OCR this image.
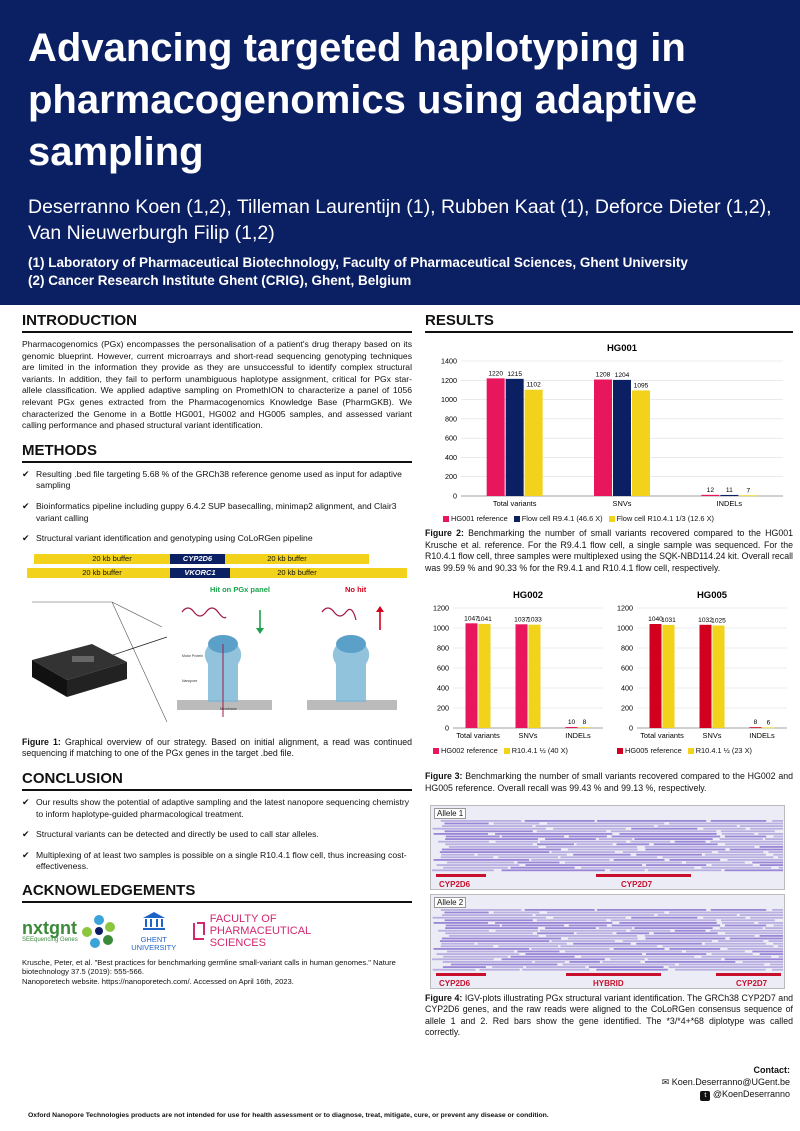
Advancing targeted haplotyping in pharmacogenomics using adaptive sampling
Deserranno Koen (1,2), Tilleman Laurentijn (1), Rubben Kaat (1), Deforce Dieter (1,2), Van Nieuwerburgh Filip (1,2)
(1) Laboratory of Pharmaceutical Biotechnology, Faculty of Pharmaceutical Sciences, Ghent University
(2) Cancer Research Institute Ghent (CRIG), Ghent, Belgium
INTRODUCTION

Pharmacogenomics (PGx) encompasses the personalisation of a patient's drug therapy based on its genomic blueprint. However, current microarrays and short-read sequencing genotyping techniques are limited in the information they provide as they are unsuccessful to identify complex structural variants. In addition, they fail to perform unambiguous haplotype assignment, critical for PGx star-allele classification. We applied adaptive sampling on PromethION to characterize a panel of 1056 relevant PGx genes extracted from the Pharmacogenomics Knowledge Base (PharmGKB). We characterized the Genome in a Bottle HG001, HG002 and HG005 samples, and assessed variant calling performance and phased structural variant identification.

METHODS
✔ Resulting .bed file targeting 5.68 % of the GRCh38 reference genome used as input for adaptive sampling
✔ Bioinformatics pipeline including guppy 6.4.2 SUP basecalling, minimap2 alignment, and Clair3 variant calling
✔ Structural variant identification and genotyping using CoLoRGen pipeline
20 kb buffer	CYP2D6	20 kb buffer
20 kb buffer	VKORC1	20 kb buffer
Membrane
Hit on PGx panel	No hit
Motor Protein
Nanopore

Figure 1: Graphical overview of our strategy. Based on initial alignment, a read was continued sequencing if matching to one of the PGx genes in the target .bed file.

CONCLUSION
✔ Our results show the potential of adaptive sampling and the latest nanopore sequencing chemistry to inform haplotype-guided pharmacological treatment.
✔ Structural variants can be detected and directly be used to call star alleles.
✔ Multiplexing of at least two samples is possible on a single R10.4.1 flow cell, thus increasing cost-effectiveness.
ACKNOWLEDGEMENTS
nxtgnt
SEEquencing Genes	GHENT UNIVERSITY
FACULTY OF PHARMACEUTICAL SCIENCES
Krusche, Peter, et al. "Best practices for benchmarking germline small-variant calls in human genomes." Nature biotechnology 37.5 (2019): 555-566.
Nanoporetech website. https://nanoporetech.com/. Accessed on April 16th, 2023.
RESULTS
HG001
0
200
400
600
800
1000
1200
1400
Total variants
1220 1215
1102
SNVs
1208 1204
1095
INDELs
12 11 7
HG001 reference	Flow cell R9.4.1 (46.6 X)	Flow cell R10.4.1 1/3 (12.6 X)

Figure 2: Benchmarking the number of small variants recovered compared to the HG001 Krusche et al. reference. For the R9.4.1 flow cell, a single sample was sequenced. For the R10.4.1 flow cell, three samples were multiplexed using the SQK-NBD114.24 kit. Overall recall was 99.59 % and 90.33 % for the R9.4.1 and R10.4.1 flow cell, respectively.

HG002
0
200
400
600
800
1000
1200
Total variants
1047
1041
SNVs
1037
1033
INDELs
10 8
HG002 reference	R10.4.1 ½ (40 X)
HG005
0
200
400
600
800
1000
1200
Total variants
1040
1031
SNVs
1032
1025
INDELs
8 6
HG005 reference	R10.4.1 ½ (23 X)

Figure 3: Benchmarking the number of small variants recovered compared to the HG002 and HG005 reference. Overall recall was 99.43 % and 99.13 %, respectively.

Allele 1
CYP2D6	CYP2D7
Allele 2
CYP2D6	HYBRID	CYP2D7

Figure 4: IGV-plots illustrating PGx structural variant identification. The GRCh38 CYP2D7 and CYP2D6 genes, and the raw reads were aligned to the CoLoRGen consensus sequence of allele 1 and 2. Red bars show the gene identified. The *3/*4+*68 diplotype was called correctly.

Contact:
✉ Koen.Deserranno@UGent.be
t @KoenDeserranno
Oxford Nanopore Technologies products are not intended for use for health assessment or to diagnose, treat, mitigate, cure, or prevent any disease or condition.
